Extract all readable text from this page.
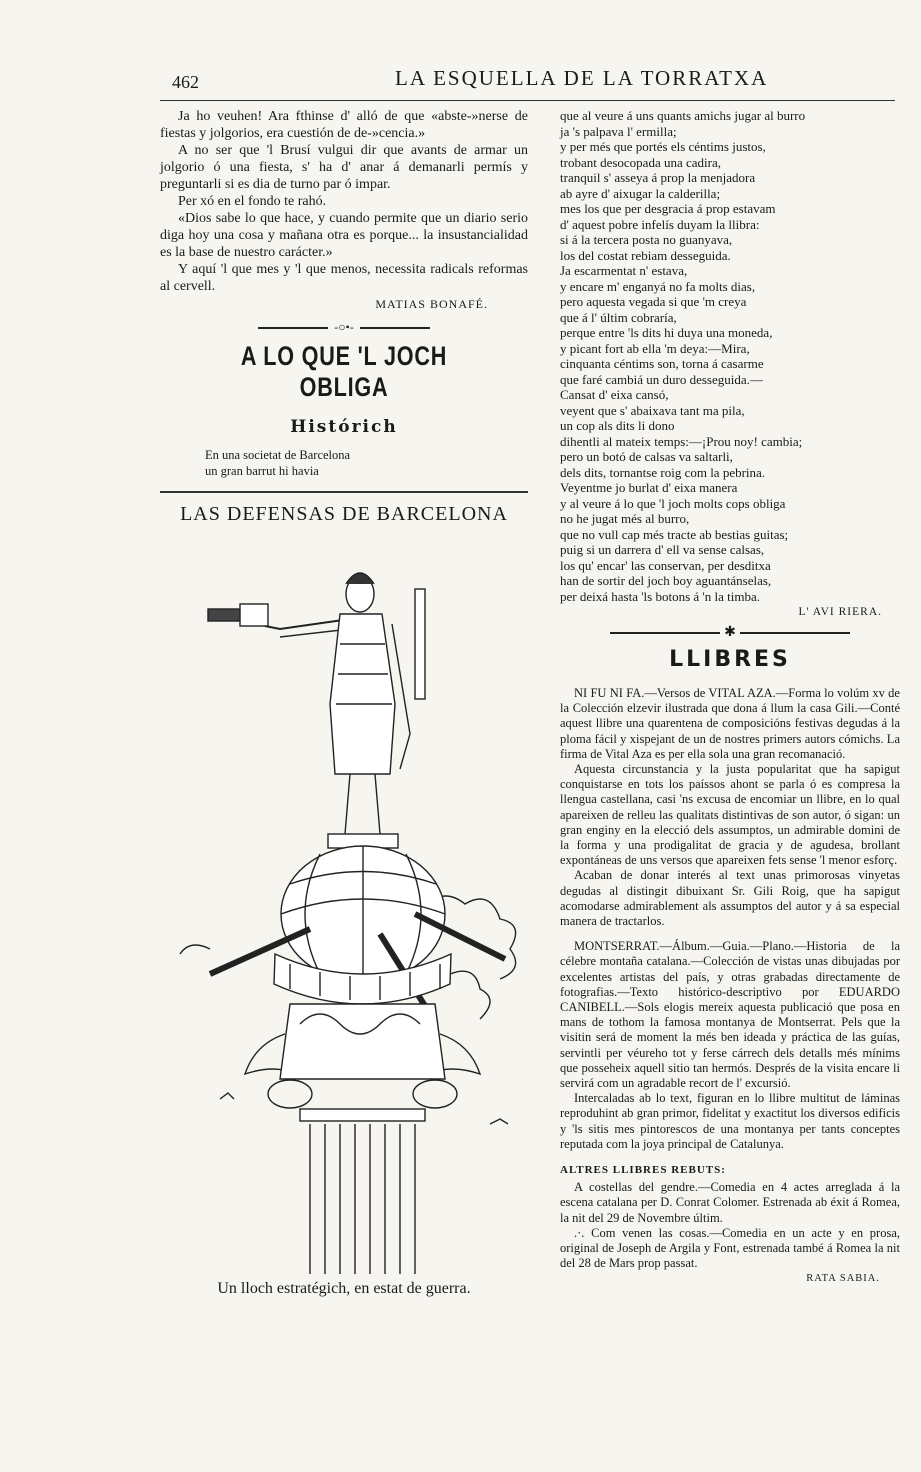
462	LA ESQUELLA DE LA TORRATXA

Ja ho veuhen! Ara fthinse d' alló de que «abste-»nerse de fiestas y jolgorios, era cuestión de de-»cencia.»

A no ser que 'l Brusí vulgui dir que avants de armar un jolgorio ó una fiesta, s' ha d' anar á demanarli permís y preguntarli si es dia de turno par ó impar.

Per xó en el fondo te rahó.

«Dios sabe lo que hace, y cuando permite que un diario serio diga hoy una cosa y mañana otra es porque... la insustancialidad es la base de nuestro carácter.»

Y aquí 'l que mes y 'l que menos, necessita radicals reformas al cervell.

MATIAS BONAFÉ.

-○•-
A LO QUE 'L JOCH OBLIGA
Histórich
En una societat de Barcelona
un gran barrut hi havia
LAS DEFENSAS DE BARCELONA
Un lloch estratégich, en estat de guerra.

que al veure á uns quants amichs jugar al burro

ja 's palpava l' ermilla;

y per més que portés els céntims justos,

trobant desocopada una cadira,

tranquil s' asseya á prop la menjadora

ab ayre d' aixugar la calderilla;

mes los que per desgracia á prop estavam

d' aquest pobre infelís duyam la llibra:

si á la tercera posta no guanyava,

los del costat rebiam desseguida.

Ja escarmentat n' estava,

y encare m' enganyá no fa molts dias,

pero aquesta vegada si que 'm creya

que á l' últim cobraría,

perque entre 'ls dits hi duya una moneda,

y picant fort ab ella 'm deya:—Mira,

cinquanta céntims son, torna á casarme

que faré cambiá un duro desseguida.—

Cansat d' eixa cansó,

veyent que s' abaixava tant ma pila,

un cop als dits li dono

dihentli al mateix temps:—¡Prou noy! cambia;

pero un botó de calsas va saltarli,

dels dits, tornantse roig com la pebrina.

Veyentme jo burlat d' eixa manera

y al veure á lo que 'l joch molts cops obliga

no he jugat més al burro,

que no vull cap més tracte ab bestias guitas;

puig si un darrera d' ell va sense calsas,

los qu' encar' las conservan, per desditxa

han de sortir del joch boy aguantánselas,

per deixá hasta 'ls botons á 'n la timba.

L' AVI RIERA.

✱
LLIBRES

NI FU NI FA.—Versos de VITAL AZA.—Forma lo volúm xv de la Colección elzevir ilustrada que dona á llum la casa Gili.—Conté aquest llibre una quarentena de composicións festivas degudas á la ploma fácil y xispejant de un de nostres primers autors cómichs. La firma de Vital Aza es per ella sola una gran recomanació.

Aquesta circunstancia y la justa popularitat que ha sapigut conquistarse en tots los paíssos ahont se parla ó es compresa la llengua castellana, casi 'ns excusa de encomiar un llibre, en lo qual apareixen de relleu las qualitats distintivas de son autor, ó sigan: un gran enginy en la elecció dels assumptos, un admirable domini de la forma y una prodigalitat de gracia y de agudesa, brollant expontáneas de uns versos que apareixen fets sense 'l menor esforç.

Acaban de donar interés al text unas primorosas vinyetas degudas al distingit dibuixant Sr. Gili Roig, que ha sapigut acomodarse admirablement als assumptos del autor y á sa especial manera de tractarlos.

MONTSERRAT.—Álbum.—Guia.—Plano.—Historia de la célebre montaña catalana.—Colección de vistas unas dibujadas por excelentes artistas del país, y otras grabadas directamente de fotografias.—Texto histórico-descriptivo por EDUARDO CANIBELL.—Sols elogis mereix aquesta publicació que posa en mans de tothom la famosa montanya de Montserrat. Pels que la visitin será de moment la més ben ideada y práctica de las guías, servintli per véureho tot y ferse cárrech dels detalls més mínims que posseheix aquell sitio tan hermós. Després de la visita encare li servirá com un agradable recort de l' excursió.

Intercaladas ab lo text, figuran en lo llibre multitut de láminas reproduhint ab gran primor, fidelitat y exactitut los diversos edificis y 'ls sitis mes pintorescos de una montanya per tants conceptes reputada com la joya principal de Catalunya.

ALTRES LLIBRES REBUTS:

A costellas del gendre.—Comedia en 4 actes arreglada á la escena catalana per D. Conrat Colomer. Estrenada ab éxit á Romea, la nit del 29 de Novembre últim.

.·. Com venen las cosas.—Comedia en un acte y en prosa, original de Joseph de Argila y Font, estrenada també á Romea la nit del 28 de Mars prop passat.

RATA SABIA.
